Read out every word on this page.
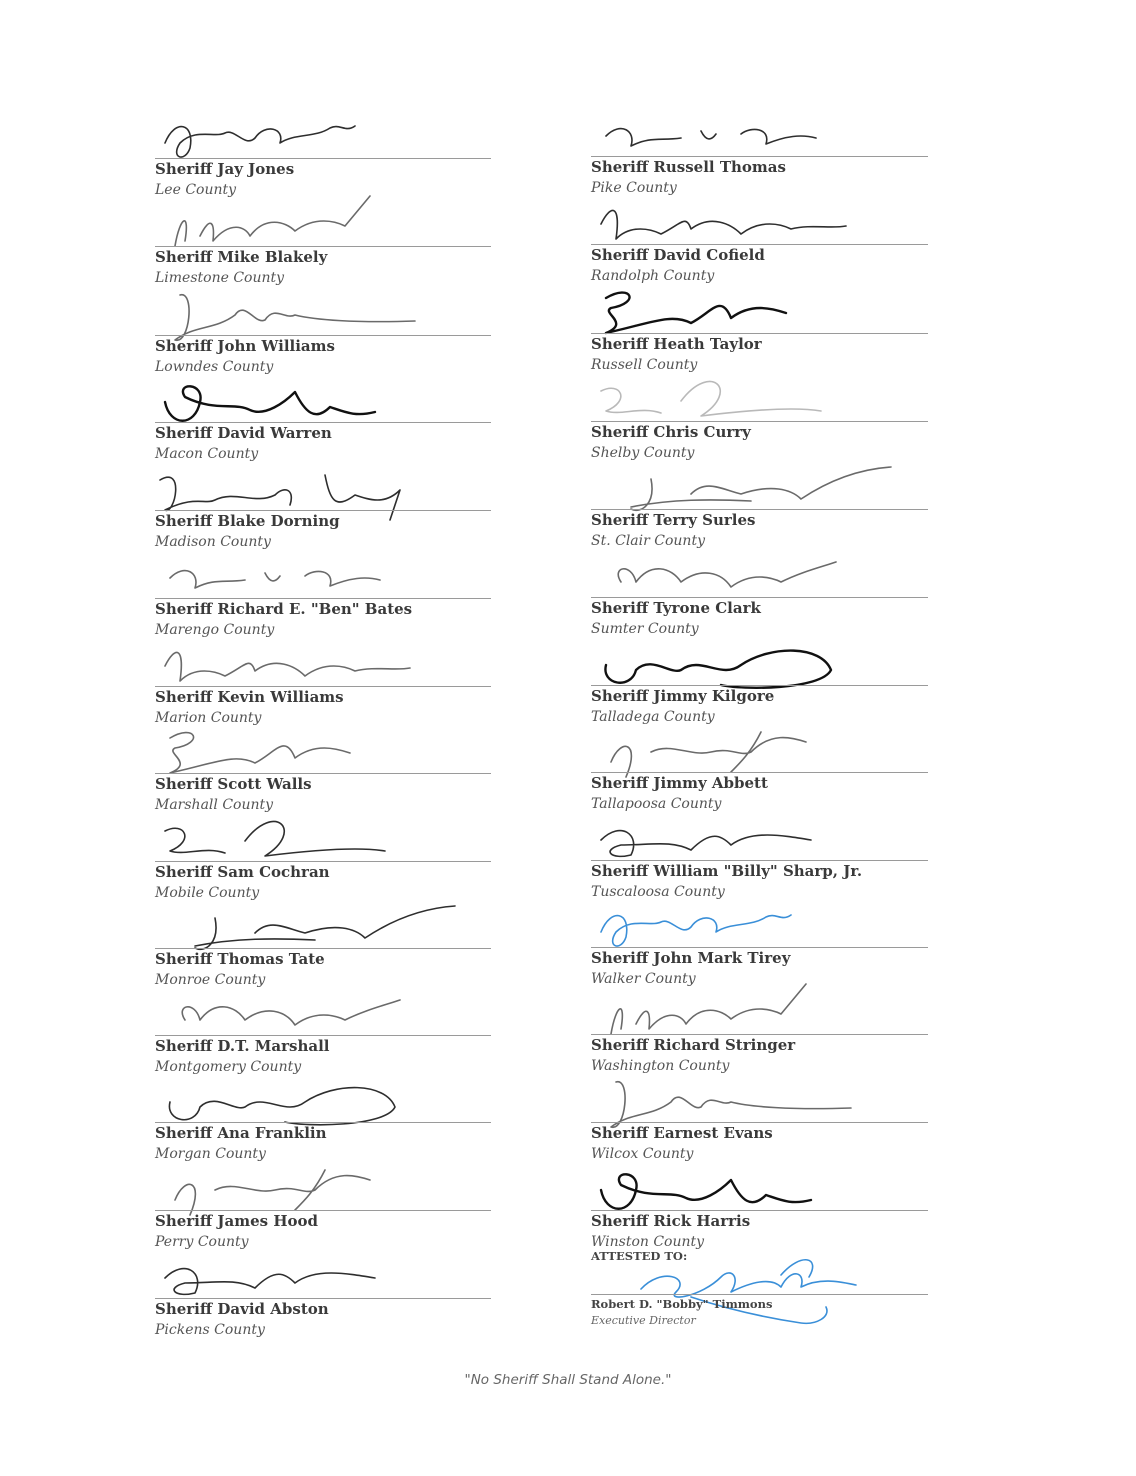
Sheriff Jay Jones
Lee County
Sheriff Mike Blakely
Limestone County
Sheriff John Williams
Lowndes County
Sheriff David Warren
Macon County
Sheriff Blake Dorning
Madison County
Sheriff Richard E. "Ben" Bates
Marengo County
Sheriff Kevin Williams
Marion County
Sheriff Scott Walls
Marshall County
Sheriff Sam Cochran
Mobile County
Sheriff Thomas Tate
Monroe County
Sheriff D.T. Marshall
Montgomery County
Sheriff Ana Franklin
Morgan County
Sheriff James Hood
Perry County
Sheriff David Abston
Pickens County
Sheriff Russell Thomas
Pike County
Sheriff David Cofield
Randolph County
Sheriff Heath Taylor
Russell County
Sheriff Chris Curry
Shelby County
Sheriff Terry Surles
St. Clair County
Sheriff Tyrone Clark
Sumter County
Sheriff Jimmy Kilgore
Talladega County
Sheriff Jimmy Abbett
Tallapoosa County
Sheriff William "Billy" Sharp, Jr.
Tuscaloosa County
Sheriff John Mark Tirey
Walker County
Sheriff Richard Stringer
Washington County
Sheriff Earnest Evans
Wilcox County
Sheriff Rick Harris
Winston County
ATTESTED TO:
Robert D. "Bobby" Timmons
Executive Director
"No Sheriff Shall Stand Alone."
